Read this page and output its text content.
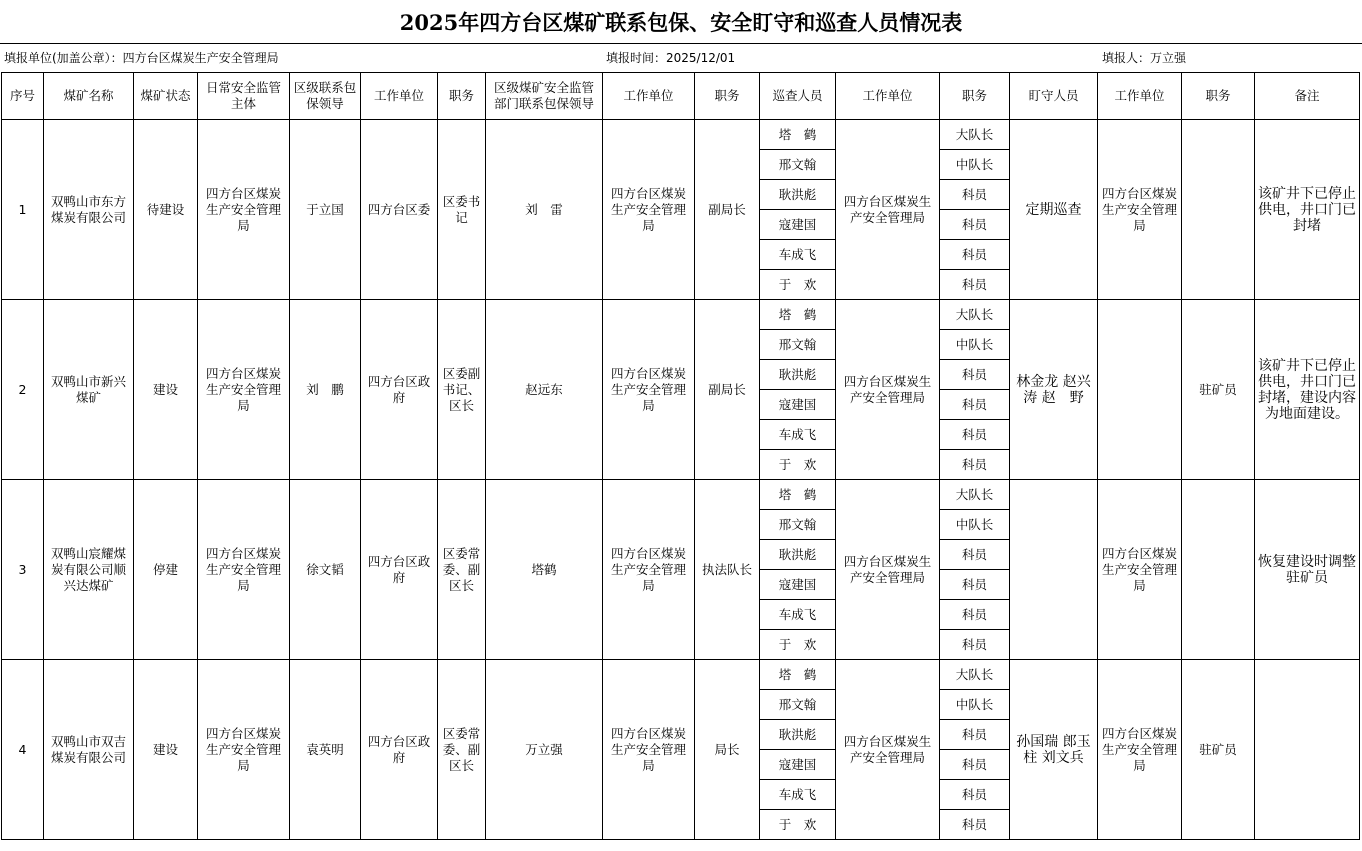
2025年四方台区煤矿联系包保、安全盯守和巡查人员情况表
填报单位(加盖公章）：四方台区煤炭生产安全管理局	填报时间：2025/12/01	填报人：万立强
序号	煤矿名称	煤矿状态	日常安全监管主体	区级联系包保领导	工作单位	职务	区级煤矿安全监管部门联系包保领导	工作单位	职务	巡查人员	工作单位	职务	盯守人员	工作单位	职务	备注
1	双鸭山市东方煤炭有限公司	待建设	四方台区煤炭生产安全管理局	于立国	四方台区委	区委书记	刘　雷	四方台区煤炭生产安全管理局	副局长	塔　鹤	四方台区煤炭生产安全管理局	大队长	定期巡查	四方台区煤炭生产安全管理局		该矿井下已停止供电，井口门已封堵
										邢文翰		中队长				
										耿洪彪		科员				
										寇建国		科员				
										车成飞		科员				
										于　欢		科员				
2	双鸭山市新兴煤矿	建设	四方台区煤炭生产安全管理局	刘　鹏	四方台区政府	区委副书记、区长	赵远东	四方台区煤炭生产安全管理局	副局长	塔　鹤	四方台区煤炭生产安全管理局	大队长	林金龙 赵兴涛 赵　野		驻矿员	该矿井下已停止供电，井口门已封堵，建设内容为地面建设。
										邢文翰		中队长				
										耿洪彪		科员				
										寇建国		科员				
										车成飞		科员				
										于　欢		科员				
3	双鸭山宸耀煤炭有限公司顺兴达煤矿	停建	四方台区煤炭生产安全管理局	徐文韬	四方台区政府	区委常委、副区长	塔鹤	四方台区煤炭生产安全管理局	执法队长	塔　鹤	四方台区煤炭生产安全管理局	大队长		四方台区煤炭生产安全管理局		恢复建设时调整驻矿员
										邢文翰		中队长				
										耿洪彪		科员				
										寇建国		科员				
										车成飞		科员				
										于　欢		科员				
4	双鸭山市双吉煤炭有限公司	建设	四方台区煤炭生产安全管理局	袁英明	四方台区政府	区委常委、副区长	万立强	四方台区煤炭生产安全管理局	局长	塔　鹤	四方台区煤炭生产安全管理局	大队长	孙国瑞 郎玉柱 刘文兵	四方台区煤炭生产安全管理局	驻矿员	
										邢文翰		中队长				
										耿洪彪		科员				
										寇建国		科员				
										车成飞		科员				
										于　欢		科员				
